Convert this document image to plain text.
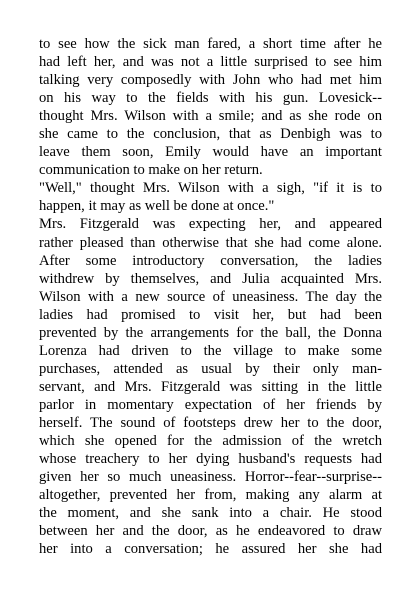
to see how the sick man fared, a short time after he
had left her, and was not a little surprised to see him
talking very composedly with John who had met him
on his way to the fields with his gun. Lovesick--
thought Mrs. Wilson with a smile; and as she rode on
she came to the conclusion, that as Denbigh was to
leave them soon, Emily would have an important
communication to make on her return.
"Well," thought Mrs. Wilson with a sigh, "if it is to
happen, it may as well be done at once."
Mrs. Fitzgerald was expecting her, and appeared
rather pleased than otherwise that she had come alone.
After some introductory conversation, the ladies
withdrew by themselves, and Julia acquainted Mrs.
Wilson with a new source of uneasiness. The day the
ladies had promised to visit her, but had been
prevented by the arrangements for the ball, the Donna
Lorenza had driven to the village to make some
purchases, attended as usual by their only man-
servant, and Mrs. Fitzgerald was sitting in the little
parlor in momentary expectation of her friends by
herself. The sound of footsteps drew her to the door,
which she opened for the admission of the wretch
whose treachery to her dying husband's requests had
given her so much uneasiness. Horror--fear--surprise--
altogether, prevented her from, making any alarm at
the moment, and she sank into a chair. He stood
between her and the door, as he endeavored to draw
her into a conversation; he assured her she had
